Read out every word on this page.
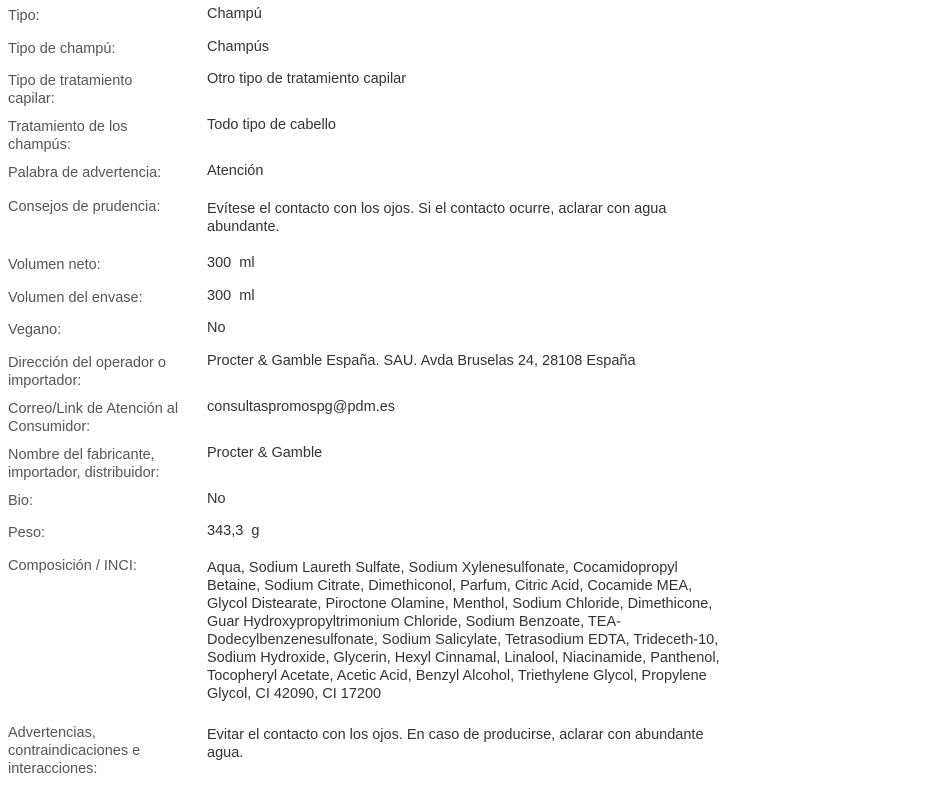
Tipo:	Champú
Tipo de champú:	Champús
Tipo de tratamiento capilar:
Otro tipo de tratamiento capilar
Tratamiento de los champús:
Todo tipo de cabello
Palabra de advertencia:	Atención
Consejos de prudencia:	Evítese el contacto con los ojos. Si el contacto ocurre, aclarar con agua abundante.
Volumen neto:	300  ml
Volumen del envase:	300  ml
Vegano:	No
Dirección del operador o importador:
Procter & Gamble España. SAU. Avda Bruselas 24, 28108 España
Correo/Link de Atención al Consumidor:
consultaspromospg@pdm.es
Nombre del fabricante, importador, distribuidor:
Procter & Gamble
Bio:	No
Peso:	343,3  g
Composición / INCI:	Aqua, Sodium Laureth Sulfate, Sodium Xylenesulfonate, Cocamidopropyl Betaine, Sodium Citrate, Dimethiconol, Parfum, Citric Acid, Cocamide MEA, Glycol Distearate, Piroctone Olamine, Menthol, Sodium Chloride, Dimethicone, Guar Hydroxypropyltrimonium Chloride, Sodium Benzoate, TEA-Dodecylbenzenesulfonate, Sodium Salicylate, Tetrasodium EDTA, Trideceth-10, Sodium Hydroxide, Glycerin, Hexyl Cinnamal, Linalool, Niacinamide, Panthenol, Tocopheryl Acetate, Acetic Acid, Benzyl Alcohol, Triethylene Glycol, Propylene Glycol, CI 42090, CI 17200
Advertencias, contraindicaciones e interacciones:
Evitar el contacto con los ojos. En caso de producirse, aclarar con abundante agua.
